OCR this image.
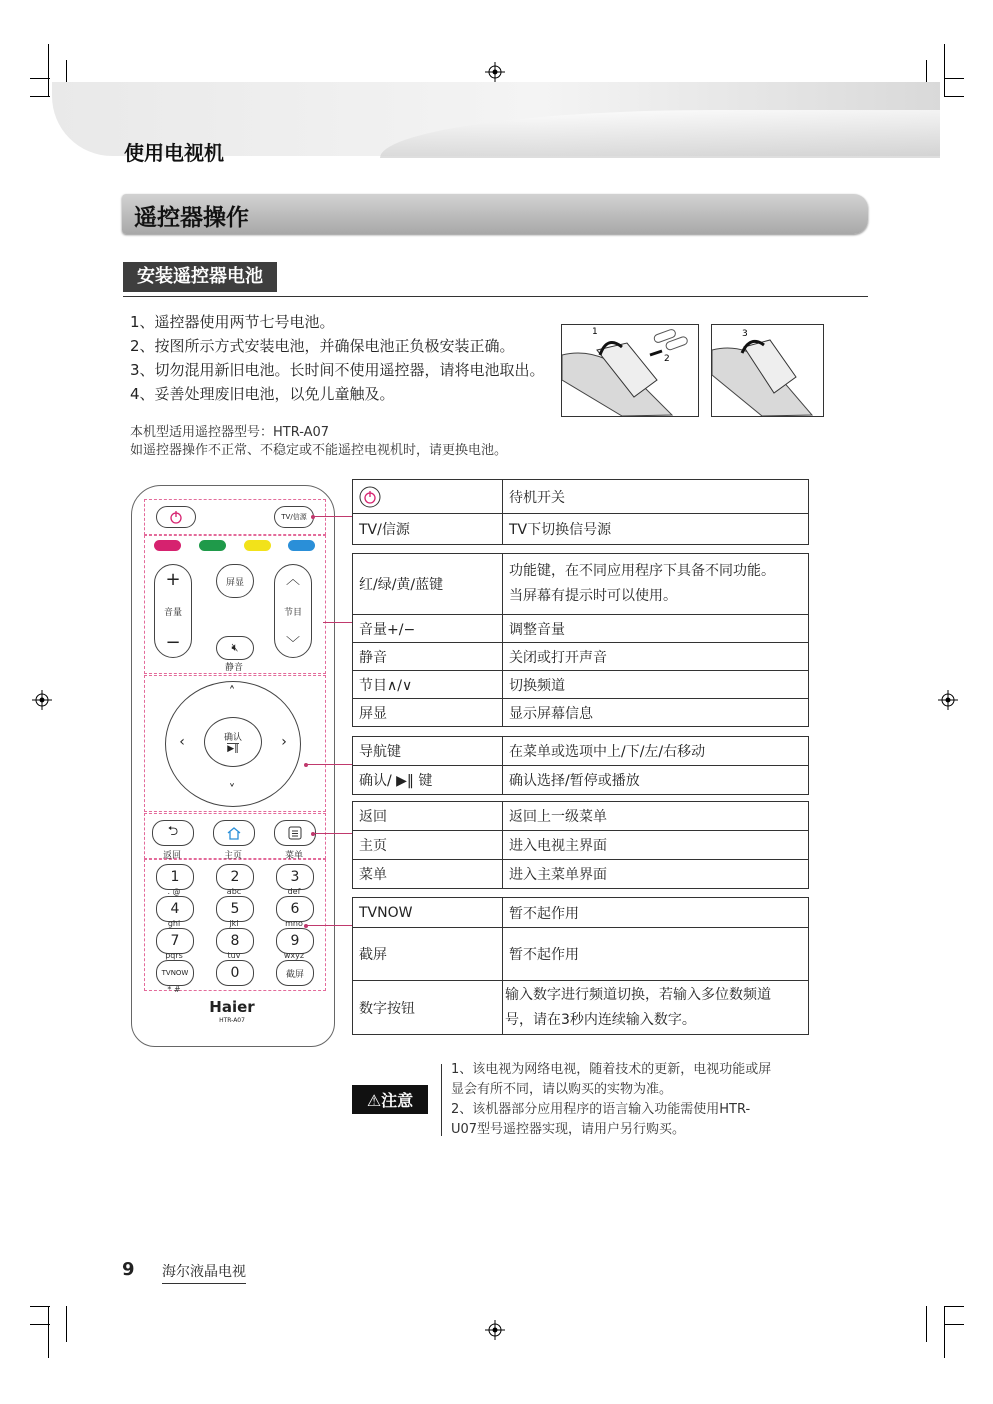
使用电视机
遥控器操作
安装遥控器电池
1、遥控器使用两节七号电池。
2、按图所示方式安装电池，并确保电池正负极安装正确。
3、切勿混用新旧电池。长时间不使用遥控器，请将电池取出。
4、妥善处理废旧电池，以免儿童触及。
1
2
3
本机型适用遥控器型号：HTR-A07
如遥控器操作不正常、不稳定或不能遥控电视机时，请更换电池。
TV/信源
+
音量
−
屏显
🔇︎
静音
︿
节目
﹀
˄
˅
‹	›
确认
▶‖
⮌
返回	主页	菜单
1
. @
2
abc
3
def
4
ghi
5
jkl
6
mno
7
pqrs
8
tuv
9
wxyz
TVNOW	0	截屏
* #
Haier
HTR-A07
	待机开关
TV/信源	TV下切换信号源
红/绿/黄/蓝键	功能键，在不同应用程序下具备不同功能。
当屏幕有提示时可以使用。

音量+/−	调整音量
静音	关闭或打开声音
节目∧/∨	切换频道
屏显	显示屏幕信息
导航键	在菜单或选项中上/下/左/右移动
确认/ ▶‖ 键	确认选择/暂停或播放
返回	返回上一级菜单
主页	进入电视主界面
菜单	进入主菜单界面
TVNOW	暂不起作用
截屏	暂不起作用
数字按钮	输入数字进行频道切换，若输入多位数频道
号，请在3秒内连续输入数字。
⚠注意
1、该电视为网络电视，随着技术的更新，电视功能或屏
显会有所不同，请以购买的实物为准。
2、该机器部分应用程序的语言输入功能需使用HTR-
U07型号遥控器实现，请用户另行购买。
9 海尔液晶电视
